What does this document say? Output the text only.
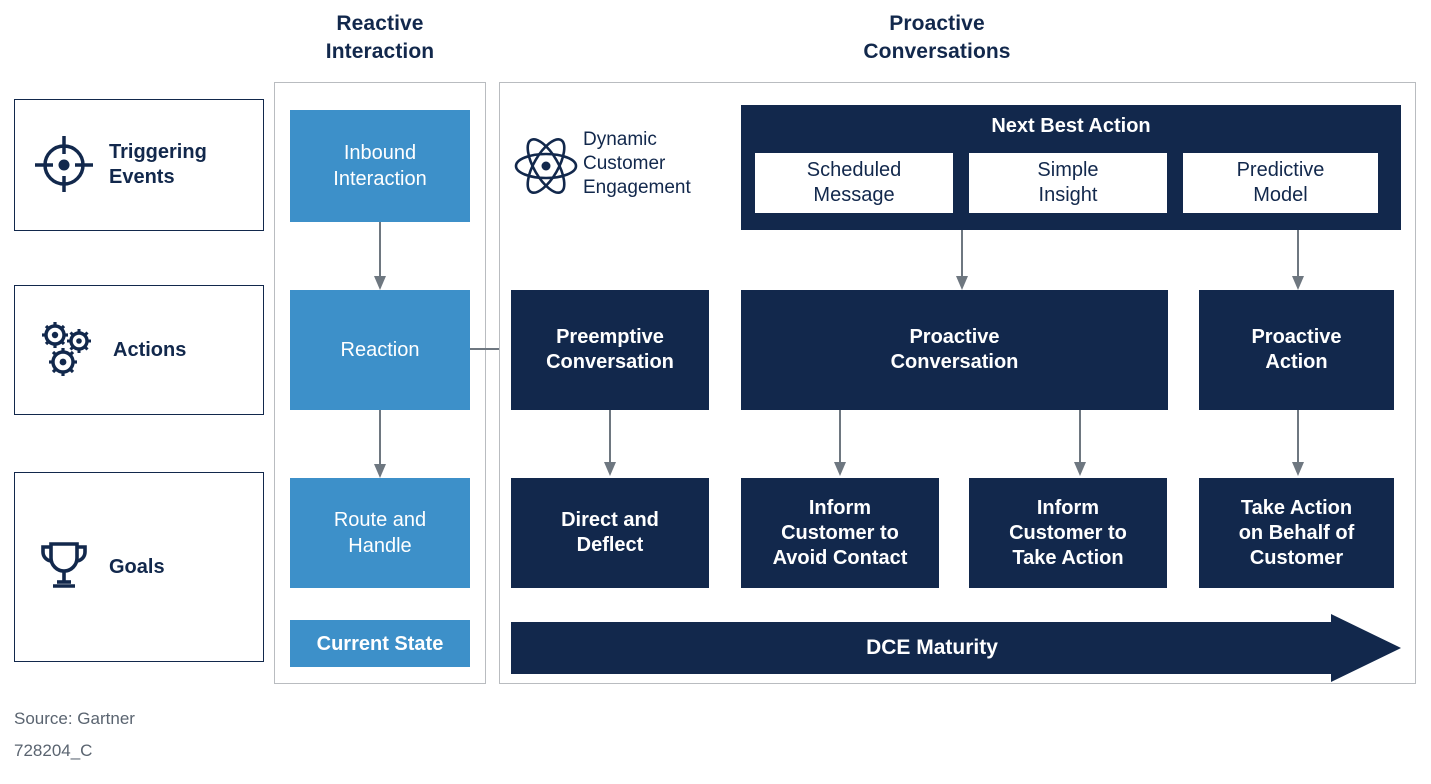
Reactive
Interaction
Proactive
Conversations
Triggering
Events
Actions
Goals
Inbound
Interaction
Reaction
Route and
Handle
Current State
Dynamic
Customer
Engagement
Next Best Action
Scheduled
Message
Simple
Insight
Predictive
Model
Preemptive
Conversation
Proactive
Conversation
Proactive
Action
Direct and
Deflect
Inform
Customer to
Avoid Contact
Inform
Customer to
Take Action
Take Action
on Behalf of
Customer
DCE Maturity
Source: Gartner
728204_C
